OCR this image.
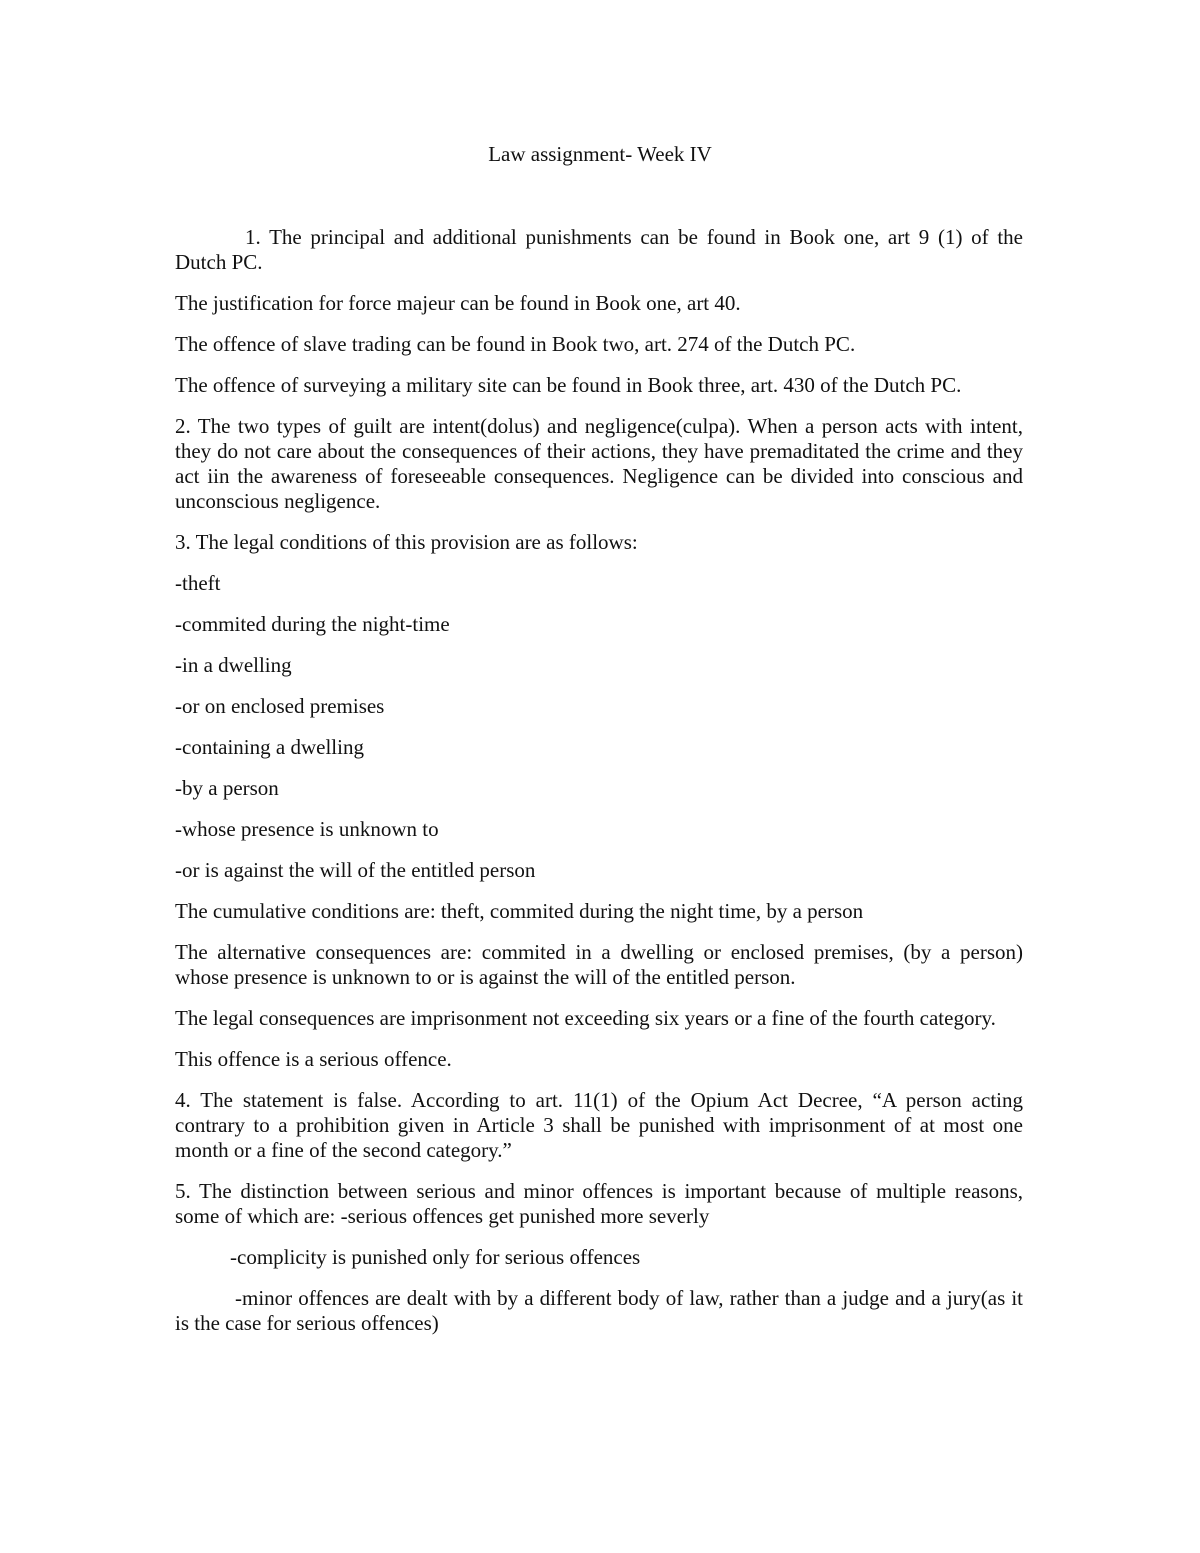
Law assignment- Week IV

1. The principal and additional punishments can be found in Book one, art 9 (1) of the Dutch PC.

The justification for force majeur can be found in Book one, art 40.

The offence of slave trading can be found in Book two, art. 274 of the Dutch PC.

The offence of surveying a military site can be found in Book three, art. 430 of the Dutch PC.

2. The two types of guilt are intent(dolus) and negligence(culpa). When a person acts with intent, they do not care about the consequences of their actions, they have premaditated the crime and they act iin the awareness of foreseeable consequences. Negligence can be divided into conscious and unconscious negligence.

3. The legal conditions of this provision are as follows:

-theft

-commited during the night-time

-in a dwelling

-or on enclosed premises

-containing a dwelling

-by a person

-whose presence is unknown to

-or is against the will of the entitled person

The cumulative conditions are: theft, commited during the night time, by a person

The alternative consequences are: commited in a dwelling or enclosed premises, (by a person) whose presence is unknown to or is against the will of the entitled person.

The legal consequences are imprisonment not exceeding six years or a fine of the fourth category.

This offence is a serious offence.

4. The statement is false. According to art. 11(1) of the Opium Act Decree, “A person acting contrary to a prohibition given in Article 3 shall be punished with imprisonment of at most one month or a fine of the second category.”

5. The distinction between serious and minor offences is important because of multiple reasons, some of which are: -serious offences get punished more severly

-complicity is punished only for serious offences

-minor offences are dealt with by a different body of law, rather than a judge and a jury(as it is the case for serious offences)
